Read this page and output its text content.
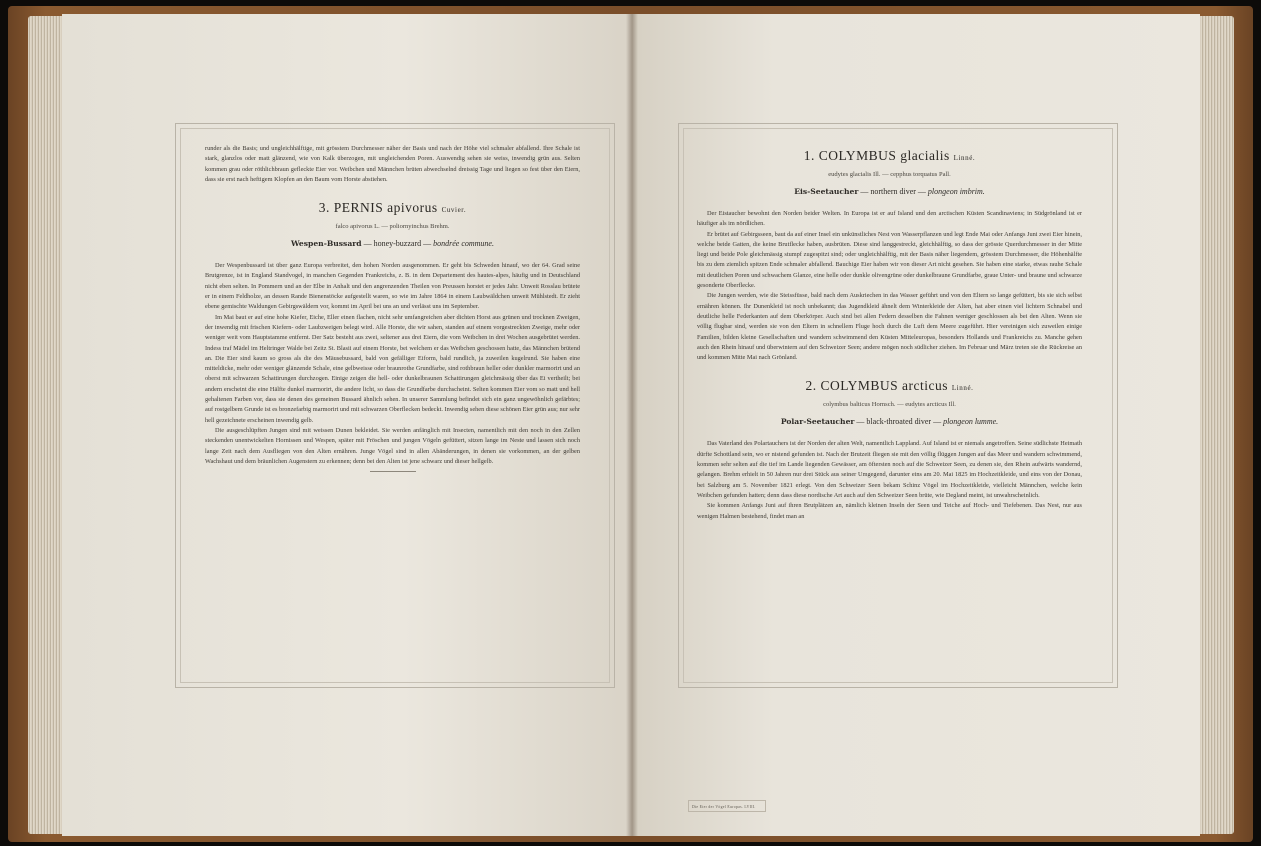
runder als die Basis; und ungleichhälftige, mit grösstem Durchmesser näher der Basis und nach der Höhe viel schmaler abfallend. Ihre Schale ist stark, glanzlos oder matt glänzend, wie von Kalk überzogen, mit ungleichenden Poren. Auswendig sehen sie weiss, inwendig grün aus. Selten kommen grau oder röthlichbraun gefleckte Eier vor. Weibchen und Männchen brüten abwechselnd dreissig Tage und liegen so fest über den Eiern, dass sie erst nach heftigem Klopfen an den Baum vom Horste abstiehen.

3. PERNIS apivorus Cuvier.
falco apivorus L. — poliornyinchus Brehm.
Wespen-Bussard — honey-buzzard — bondrée commune.

Der Wespenbussard ist über ganz Europa verbreitet, den hohen Norden ausgenommen. Er geht bis Schweden hinauf, wo der 64. Grad seine Brutgrenze, ist in England Standvogel, in manchen Gegenden Frankreichs, z. B. in dem Departement des hautes-alpes, häufig und in Deutschland nicht eben selten. In Pommern und an der Elbe in Anhalt und den angrenzenden Theilen von Preussen horstet er jedes Jahr. Unweit Rosslau brütete er in einem Feldholze, an dessen Rande Bienenstöcke aufgestellt waren, so wie im Jahre 1864 in einem Laubwäldchen unweit Mühlstedt. Er zieht ebene gemischte Waldungen Gebirgswäldern vor, kommt im April bei uns an und verlässt uns im September.

Im Mai baut er auf eine hohe Kiefer, Eiche, Eller einen flachen, nicht sehr umfangreichen aber dichten Horst aus grünen und trocknen Zweigen, der inwendig mit frischen Kiefern- oder Laubzweigen belegt wird. Alle Horste, die wir sahen, standen auf einem vorgestreckten Zweige, mehr oder weniger weit vom Hauptstamme entfernt. Der Satz besteht aus zwei, seltener aus drei Eiern, die vom Weibchen in drei Wochen ausgebrütet werden. Indess traf Mädel im Heltringer Walde bei Zeitz St. Blasii auf einem Horste, bei welchem er das Weibchen geschossen hatte, das Männchen brütend an. Die Eier sind kaum so gross als die des Mäusebussard, bald von gefälliger Eiform, bald rundlich, ja zuweilen kugelrund. Sie haben eine mitteldicke, mehr oder weniger glänzende Schale, eine gelbweisse oder braunrothe Grundfarbe, sind rothbraun heller oder dunkler marmorirt und an oberst mit schwarzen Schattirungen durchzogen. Einige zeigen die hell- oder dunkelbraunen Schattirungen gleichmässig über das Ei vertheilt; bei andern erscheint die eine Hälfte dunkel marmorirt, die andere licht, so dass die Grundfarbe durchscheint. Selten kommen Eier vom so matt und hell gehaltenen Farben vor, dass sie denen des gemeinen Bussard ähnlich sehen. In unserer Sammlung befindet sich ein ganz ungewöhnlich gefärbtes; auf rostgelbem Grunde ist es bronzefarbig marmorirt und mit schwarzen Oberflecken bedeckt. Inwendig sehen diese schönen Eier grün aus; nur sehr hell gezeichnete erscheinen inwendig gelb.

Die ausgeschlüpften Jungen sind mit weissen Dunen bekleidet. Sie werden anfänglich mit Insecten, namentlich mit den noch in den Zellen steckenden unentwickelten Hornissen und Wespen, später mit Fröschen und jungen Vögeln gefüttert, sitzen lange im Neste und lassen sich noch lange Zeit nach dem Ausfliegen von den Alten ernähren. Junge Vögel sind in allen Abänderungen, in denen sie vorkommen, an der gelben Wachshaut und dem bräunlichen Augenstern zu erkennen; denn bei den Alten ist jene schwarz und dieser hellgelb.

1. COLYMBUS glacialis Linné.
eudytes glacialis Ill. — cepphus torquatus Pall.
Eis-Seetaucher — northern diver — plongeon imbrim.

Der Eistaucher bewohnt den Norden beider Welten. In Europa ist er auf Island und den arctischen Küsten Scandinaviens; in Südgrönland ist er häufiger als im nördlichen.

Er brütet auf Gebirgsseen, baut da auf einer Insel ein unkünstliches Nest von Wasserpflanzen und legt Ende Mai oder Anfangs Juni zwei Eier hinein, welche beide Gatten, die keine Brutflecke haben, ausbrüten. Diese sind langgestreckt, gleichhälftig, so dass der grösste Querdurchmesser in der Mitte liegt und beide Pole gleichmässig stumpf zugespitzt sind; oder ungleichhälftig, mit der Basis näher liegendem, grösstem Durchmesser, die Höhenhälfte bis zu dem ziemlich spitzen Ende schmaler abfallend. Bauchige Eier haben wir von dieser Art nicht gesehen. Sie haben eine starke, etwas rauhe Schale mit deutlichen Poren und schwachem Glanze, eine helle oder dunkle olivengrüne oder dunkelbraune Grundfarbe, graue Unter- und braune und schwarze gesonderte Oberflecke.

Die Jungen werden, wie die Steissfüsse, bald nach dem Auskriechen in das Wasser geführt und von den Eltern so lange gefüttert, bis sie sich selbst ernähren können. Ihr Dunenkleid ist noch unbekannt; das Jugendkleid ähnelt dem Winterkleide der Alten, hat aber einen viel lichtern Schnabel und deutliche helle Federkanten auf dem Oberkörper. Auch sind bei allen Federn desselben die Fahnen weniger geschlossen als bei den Alten. Wenn sie völlig flugbar sind, werden sie von den Eltern in schnellem Fluge hoch durch die Luft dem Meere zugeführt. Hier vereinigen sich zuweilen einige Familien, bilden kleine Gesellschaften und wandern schwimmend den Küsten Mitteleuropas, besonders Hollands und Frankreichs zu. Manche gehen auch den Rhein hinauf und überwintern auf den Schweizer Seen; andere mögen noch südlicher ziehen. Im Februar und März treten sie die Rückreise an und kommen Mitte Mai nach Grönland.

2. COLYMBUS arcticus Linné.
colymbus balticus Hornsch. — eudytes arcticus Ill.
Polar-Seetaucher — black-throated diver — plongeon lumme.

Das Vaterland des Polartauchers ist der Norden der alten Welt, namentlich Lappland. Auf Island ist er niemals angetroffen. Seine südlichste Heimath dürfte Schottland sein, wo er nistend gefunden ist. Nach der Brutzeit fliegen sie mit den völlig flüggen Jungen auf das Meer und wandern schwimmend, kommen sehr selten auf die tief im Lande liegenden Gewässer, am öftersten noch auf die Schweizer Seen, zu denen sie, den Rhein aufwärts wandernd, gelangen. Brehm erhielt in 50 Jahren nur drei Stück aus seiner Umgegend, darunter eins am 20. Mai 1825 im Hochzeitkleide, und eins von der Donau, bei Salzburg am 5. November 1821 erlegt. Von den Schweizer Seen bekam Schinz Vögel im Hochzeitkleide, vielleicht Männchen, welche kein Weibchen gefunden hatten; denn dass diese nordische Art auch auf den Schweizer Seen brüte, wie Degland meint, ist unwahrscheinlich.

Sie kommen Anfangs Juni auf ihren Brutplätzen an, nämlich kleinen Inseln der Seen und Teiche auf Hoch- und Tiefebenen. Das Nest, nur aus wenigen Halmen bestehend, findet man an

Die Eier der Vögel Europas. LVIII.
